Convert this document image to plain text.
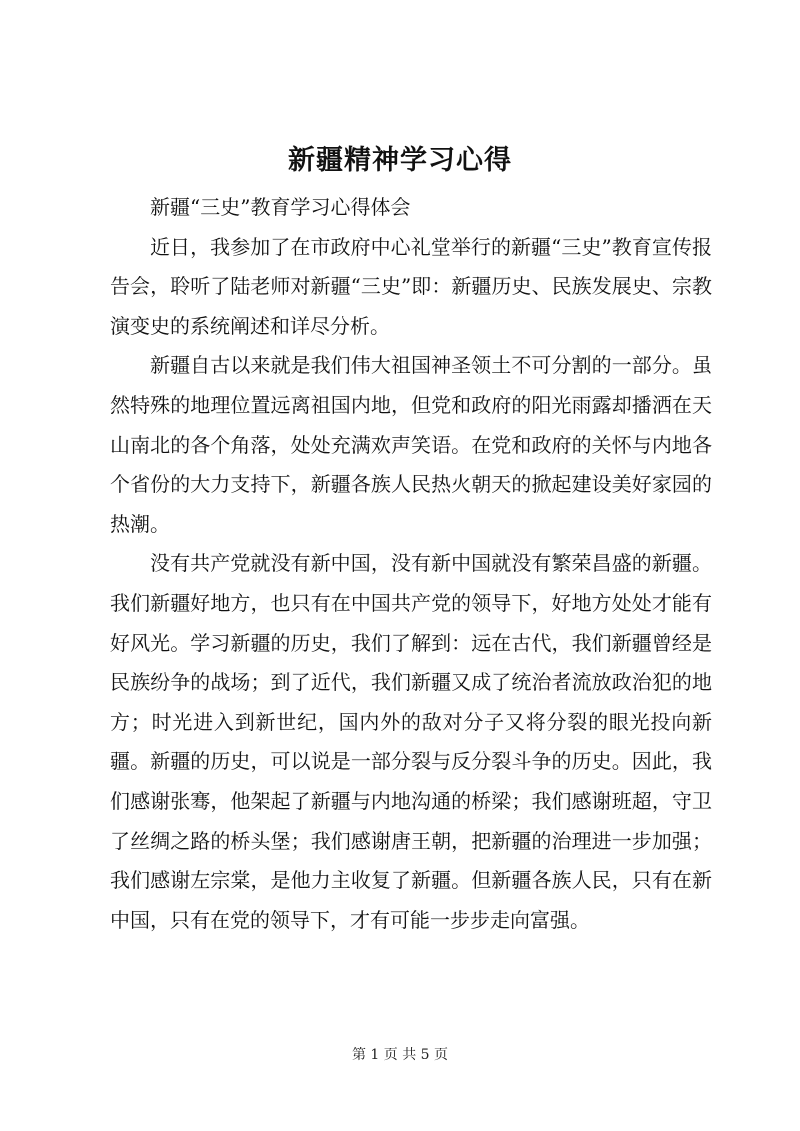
新疆精神学习心得

新疆“三史”教育学习心得体会

近日，我参加了在市政府中心礼堂举行的新疆“三史”教育宣传报告会，聆听了陆老师对新疆“三史”即：新疆历史、民族发展史、宗教演变史的系统阐述和详尽分析。

新疆自古以来就是我们伟大祖国神圣领土不可分割的一部分。虽然特殊的地理位置远离祖国内地，但党和政府的阳光雨露却播洒在天山南北的各个角落，处处充满欢声笑语。在党和政府的关怀与内地各个省份的大力支持下，新疆各族人民热火朝天的掀起建设美好家园的热潮。

没有共产党就没有新中国，没有新中国就没有繁荣昌盛的新疆。我们新疆好地方，也只有在中国共产党的领导下，好地方处处才能有好风光。学习新疆的历史，我们了解到：远在古代，我们新疆曾经是民族纷争的战场；到了近代，我们新疆又成了统治者流放政治犯的地方；时光进入到新世纪，国内外的敌对分子又将分裂的眼光投向新疆。新疆的历史，可以说是一部分裂与反分裂斗争的历史。因此，我们感谢张骞，他架起了新疆与内地沟通的桥梁；我们感谢班超，守卫了丝绸之路的桥头堡；我们感谢唐王朝，把新疆的治理进一步加强；我们感谢左宗棠，是他力主收复了新疆。但新疆各族人民，只有在新中国，只有在党的领导下，才有可能一步步走向富强。

第 1 页 共 5 页
